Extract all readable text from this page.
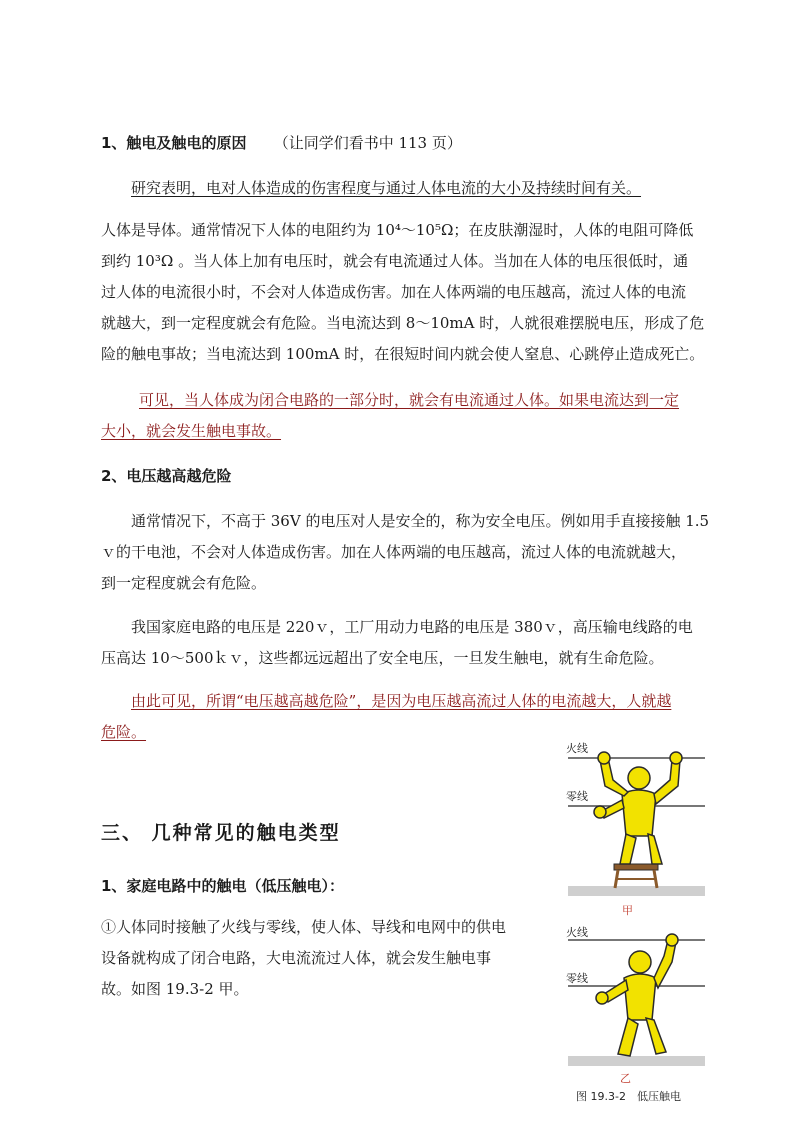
1、触电及触电的原因 （让同学们看书中 113 页）
研究表明，电对人体造成的伤害程度与通过人体电流的大小及持续时间有关。
人体是导体。通常情况下人体的电阻约为 10⁴～10⁵Ω；在皮肤潮湿时，人体的电阻可降低
到约 10³Ω 。当人体上加有电压时，就会有电流通过人体。当加在人体的电压很低时，通
过人体的电流很小时，不会对人体造成伤害。加在人体两端的电压越高，流过人体的电流
就越大，到一定程度就会有危险。当电流达到 8～10mA 时，人就很难摆脱电压，形成了危
险的触电事故；当电流达到 100mA 时，在很短时间内就会使人窒息、心跳停止造成死亡。
可见，当人体成为闭合电路的一部分时，就会有电流通过人体。如果电流达到一定
大小，就会发生触电事故。
2、电压越高越危险
通常情况下，不高于 36V 的电压对人是安全的，称为安全电压。例如用手直接接触 1.5
ｖ的干电池，不会对人体造成伤害。加在人体两端的电压越高，流过人体的电流就越大，
到一定程度就会有危险。
我国家庭电路的电压是 220ｖ，工厂用动力电路的电压是 380ｖ，高压输电线路的电
压高达 10～500ｋｖ，这些都远远超出了安全电压，一旦发生触电，就有生命危险。
由此可见，所谓“电压越高越危险”，是因为电压越高流过人体的电流越大，人就越
危险。
三、 几种常见的触电类型
1、家庭电路中的触电（低压触电）：
①人体同时接触了火线与零线，使人体、导线和电网中的供电
设备就构成了闭合电路，大电流流过人体，就会发生触电事
故。如图 19.3-2 甲。
火线
零线
甲
火线
零线
乙
图 19.3-2　低压触电
